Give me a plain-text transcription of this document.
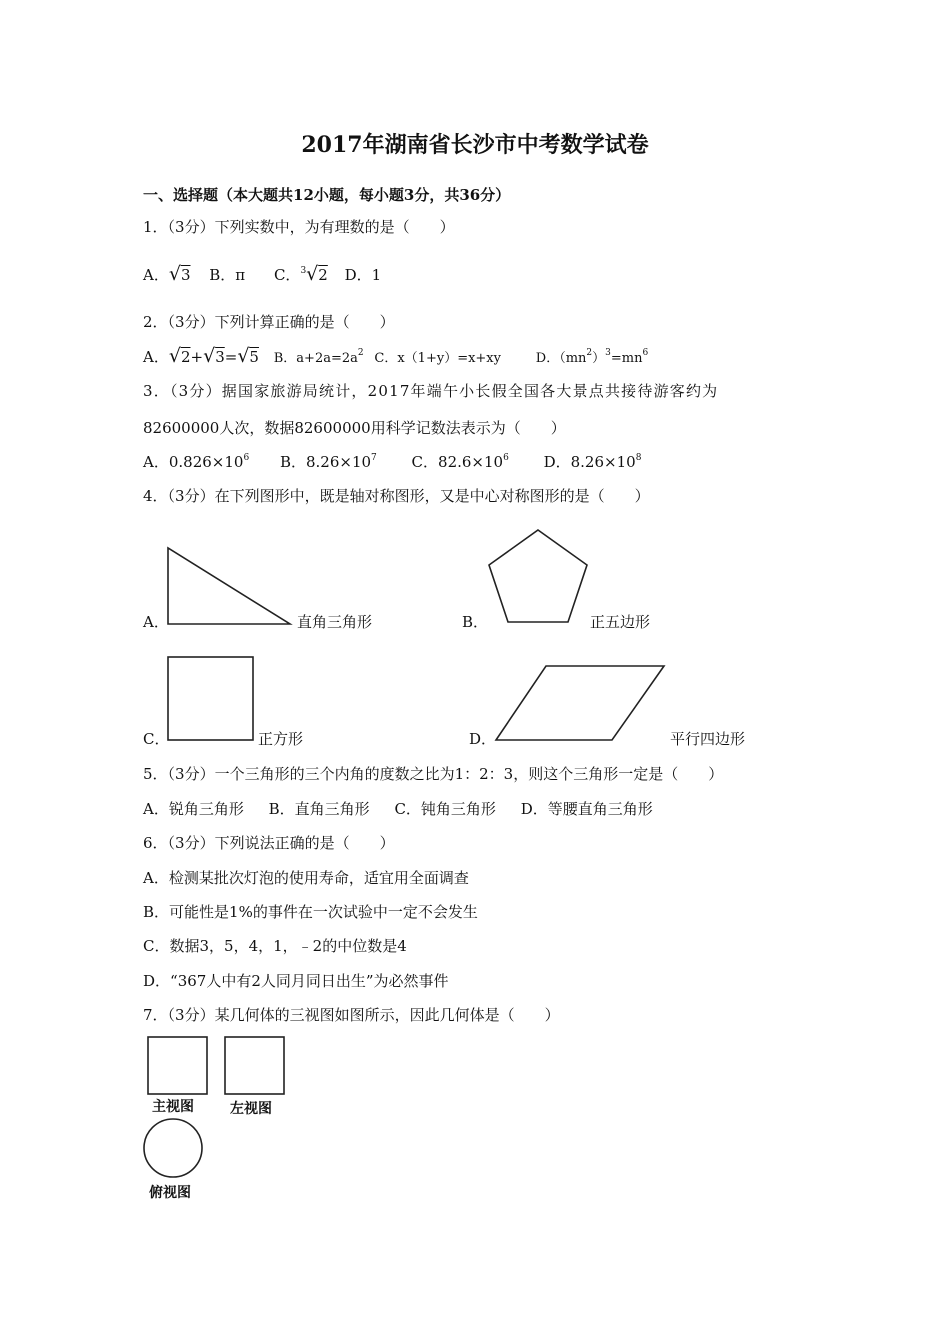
2017年湖南省长沙市中考数学试卷
一、选择题（本大题共12小题，每小题3分，共36分）
1．（3分）下列实数中，为有理数的是（　　）
A．√3 B．π C．$^3$√2 D．1
2．（3分）下列计算正确的是（　　）
A．√2+√3=√5 B．$a+2a=2a^2$ C．x（1+y）=x+xy	D．$(mn^2)^3=mn^6$
3．（3分）据国家旅游局统计，2017年端午小长假全国各大景点共接待游客约为
82600000人次，数据82600000用科学记数法表示为（　　）
A．$0.826\times 10^6$ B．$8.26\times 10^7$ C．$82.6\times 10^6$ D．$8.26\times 10^8$
4．（3分）在下列图形中，既是轴对称图形，又是中心对称图形的是（　　）
A．	直角三角形	B．	正五边形
C．	正方形	D．	平行四边形
5．（3分）一个三角形的三个内角的度数之比为1：2：3，则这个三角形一定是（　　）
A．锐角三角形 B．直角三角形 C．钝角三角形 D．等腰直角三角形
6．（3分）下列说法正确的是（　　）
A．检测某批次灯泡的使用寿命，适宜用全面调查
B．可能性是1%的事件在一次试验中一定不会发生
C．数据3，5，4，1，﹣2的中位数是4
D．“367人中有2人同月同日出生”为必然事件
7．（3分）某几何体的三视图如图所示，因此几何体是（　　）
主视图	左视图
俯视图
